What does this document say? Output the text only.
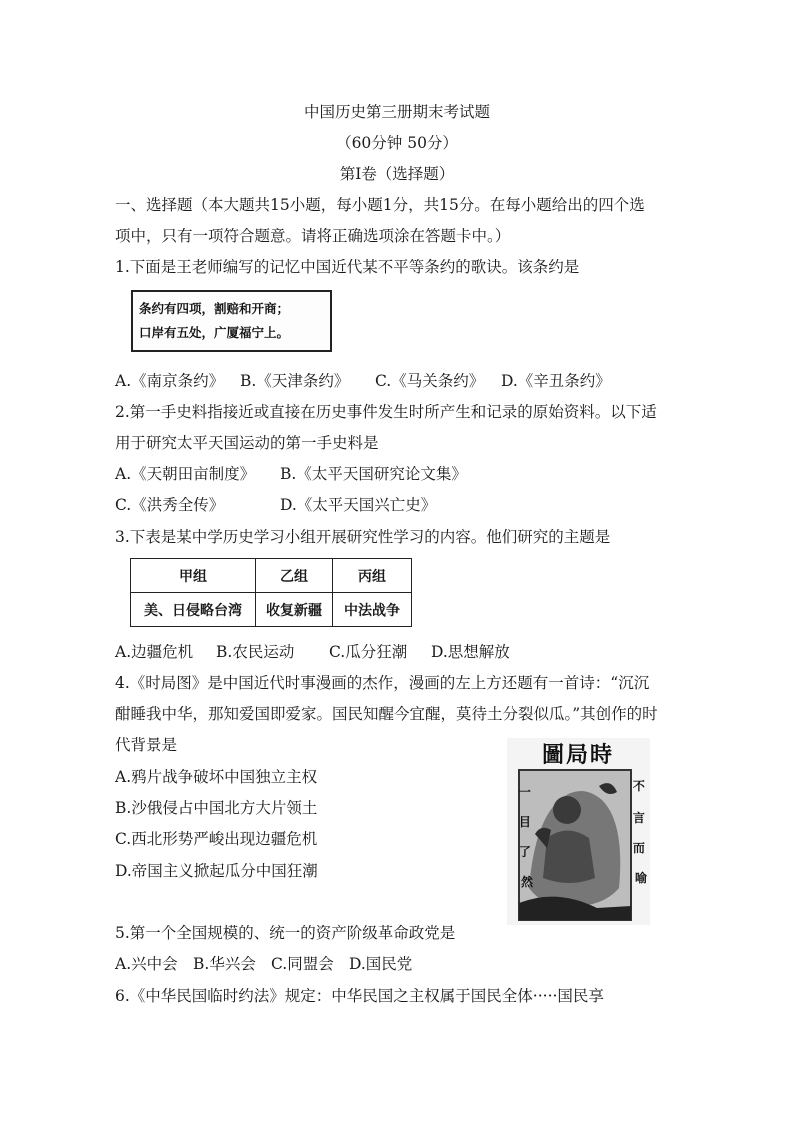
中国历史第三册期末考试题
（60分钟 50分）
第Ⅰ卷（选择题）
一、选择题（本大题共15小题，每小题1分，共15分。在每小题给出的四个选
项中，只有一项符合题意。请将正确选项涂在答题卡中。）
1.下面是王老师编写的记忆中国近代某不平等条约的歌诀。该条约是
条约有四项，割赔和开商；
口岸有五处，广厦福宁上。
A.《南京条约》 B.《天津条约》 C.《马关条约》 D.《辛丑条约》
2.第一手史料指接近或直接在历史事件发生时所产生和记录的原始资料。以下适
用于研究太平天国运动的第一手史料是
A.《天朝田亩制度》 B.《太平天国研究论文集》
C.《洪秀全传》	D.《太平天国兴亡史》
3.下表是某中学历史学习小组开展研究性学习的内容。他们研究的主题是
甲组	乙组	丙组
美、日侵略台湾	收复新疆	中法战争
A.边疆危机 B.农民运动 C.瓜分狂潮 D.思想解放
4.《时局图》是中国近代时事漫画的杰作，漫画的左上方还题有一首诗：“沉沉
酣睡我中华，那知爱国即爱家。国民知醒今宜醒，莫待土分裂似瓜。”其创作的时
代背景是
A.鸦片战争破坏中国独立主权
B.沙俄侵占中国北方大片领土
C.西北形势严峻出现边疆危机
D.帝国主义掀起瓜分中国狂潮
圖局時
不 言 而 喻
一 目 了 然
5.第一个全国规模的、统一的资产阶级革命政党是
A.兴中会 B.华兴会 C.同盟会 D.国民党
6.《中华民国临时约法》规定：中华民国之主权属于国民全体·····国民享
